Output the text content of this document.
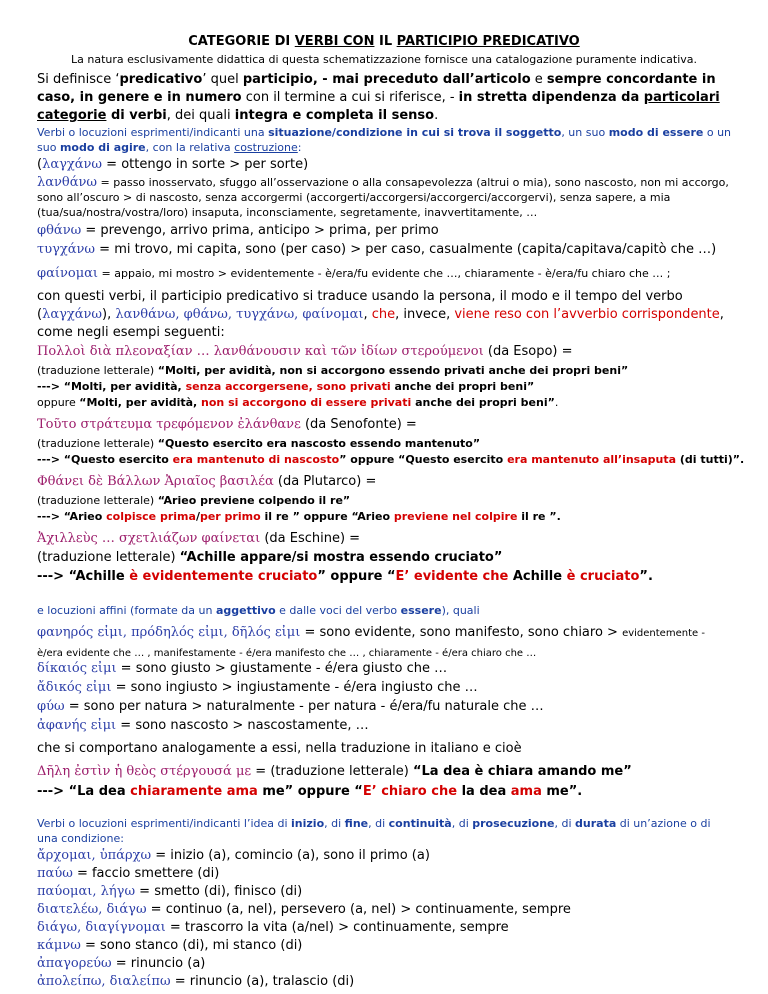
CATEGORIE DI VERBI CON IL PARTICIPIO PREDICATIVO
La natura esclusivamente didattica di questa schematizzazione fornisce una catalogazione puramente indicativa.
Si definisce ‘predicativo’ quel participio, - mai preceduto dall’articolo e sempre concordante in caso, in genere e in numero con il termine a cui si riferisce, - in stretta dipendenza da particolari categorie di verbi, dei quali integra e completa il senso.
Verbi o locuzioni esprimenti/indicanti una situazione/condizione in cui si trova il soggetto, un suo modo di essere o un suo modo di agire, con la relativa costruzione:
(λαγχάνω = ottengo in sorte > per sorte)
λανθάνω = passo inosservato, sfuggo all’osservazione o alla consapevolezza (altrui o mia), sono nascosto, non mi accorgo, sono all’oscuro > di nascosto, senza accorgermi (accorgerti/accorgersi/accorgerci/accorgervi), senza sapere, a mia (tua/sua/nostra/vostra/loro) insaputa, inconsciamente, segretamente, inavvertitamente, …
φθάνω = prevengo, arrivo prima, anticipo > prima, per primo
τυγχάνω = mi trovo, mi capita, sono (per caso) > per caso, casualmente (capita/capitava/capitò che …)
φαίνομαι = appaio, mi mostro > evidentemente - è/era/fu evidente che …, chiaramente - è/era/fu chiaro che … ;
con questi verbi, il participio predicativo si traduce usando la persona, il modo e il tempo del verbo (λαγχάνω), λανθάνω, φθάνω, τυγχάνω, φαίνομαι, che, invece, viene reso con l’avverbio corrispondente, come negli esempi seguenti:
Πολλοὶ διὰ πλεοναξίαν … λανθάνουσιν καὶ τῶν ἰδίων στερούμενοι (da Esopo) =
(traduzione letterale) “Molti, per avidità, non si accorgono essendo privati anche dei propri beni”
---> “Molti, per avidità, senza accorgersene, sono privati anche dei propri beni”
oppure “Molti, per avidità, non si accorgono di essere privati anche dei propri beni”.
Τοῦτο στράτευμα τρεφόμενον ἐλάνθανε (da Senofonte) =
(traduzione letterale) “Questo esercito era nascosto essendo mantenuto”
---> “Questo esercito era mantenuto di nascosto” oppure “Questo esercito era mantenuto all’insaputa (di tutti)”.
Φθάνει δὲ Βάλλων Ἀριαῖος βασιλέα (da Plutarco) =
(traduzione letterale) “Arieo previene colpendo il re”
---> “Arieo colpisce prima/per primo il re ” oppure “Arieo previene nel colpire il re ”.
Ἀχιλλεὺς … σχετλιάζων φαίνεται (da Eschine) =
(traduzione letterale) “Achille appare/si mostra essendo cruciato”
---> “Achille è evidentemente cruciato” oppure “E’ evidente che Achille è cruciato”.
e locuzioni affini (formate da un aggettivo e dalle voci del verbo essere), quali
φανηρός εἰμι, πρόδηλός εἰμι, δῆλός εἰμι = sono evidente, sono manifesto, sono chiaro > evidentemente - è/era evidente che … , manifestamente - é/era manifesto che … , chiaramente - é/era chiaro che …
δίκαιός εἰμι = sono giusto > giustamente - é/era giusto che …
ἄδικός εἰμι = sono ingiusto > ingiustamente - é/era ingiusto che …
φύω = sono per natura > naturalmente - per natura - é/era/fu naturale che …
ἀφανής εἰμι = sono nascosto > nascostamente, …
che si comportano analogamente a essi, nella traduzione in italiano e cioè
Δῆλη ἐστὶν ἡ θεὸς στέργουσά με = (traduzione letterale) “La dea è chiara amando me”
---> “La dea chiaramente ama me” oppure “E’ chiaro che la dea ama me”.
Verbi o locuzioni esprimenti/indicanti l’idea di inizio, di fine, di continuità, di prosecuzione, di durata di un’azione o di una condizione:
ἄρχομαι, ὑπάρχω = inizio (a), comincio (a), sono il primo (a)
παύω = faccio smettere (di)
παύομαι, λήγω = smetto (di), finisco (di)
διατελέω, διάγω = continuo (a, nel), persevero (a, nel) > continuamente, sempre
διάγω, διαγίγνομαι = trascorro la vita (a/nel) > continuamente, sempre
κάμνω = sono stanco (di), mi stanco (di)
ἀπαγορεύω = rinuncio (a)
ἀπολείπω, διαλείπω = rinuncio (a), tralascio (di)
